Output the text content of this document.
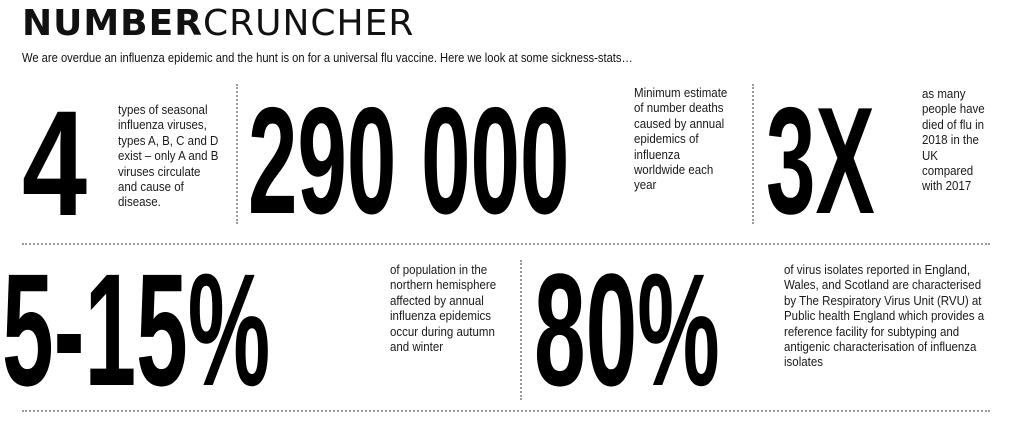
NUMBERCRUNCHER
We are overdue an influenza epidemic and the hunt is on for a universal flu vaccine. Here we look at some sickness-stats…
4 types of seasonal influenza viruses, types A, B, C and D exist – only A and B viruses circulate and cause of disease. 290 000	Minimum estimate of number deaths caused by annual epidemics of influenza worldwide each year 3X	as many people have died of flu in 2018 in the UK compared with 2017
5-15%	of population in the northern hemisphere affected by annual influenza epidemics occur during autumn and winter 80%	of virus isolates reported in England, Wales, and Scotland are characterised by The Respiratory Virus Unit (RVU) at Public health England which provides a reference facility for subtyping and antigenic characterisation of influenza isolates
